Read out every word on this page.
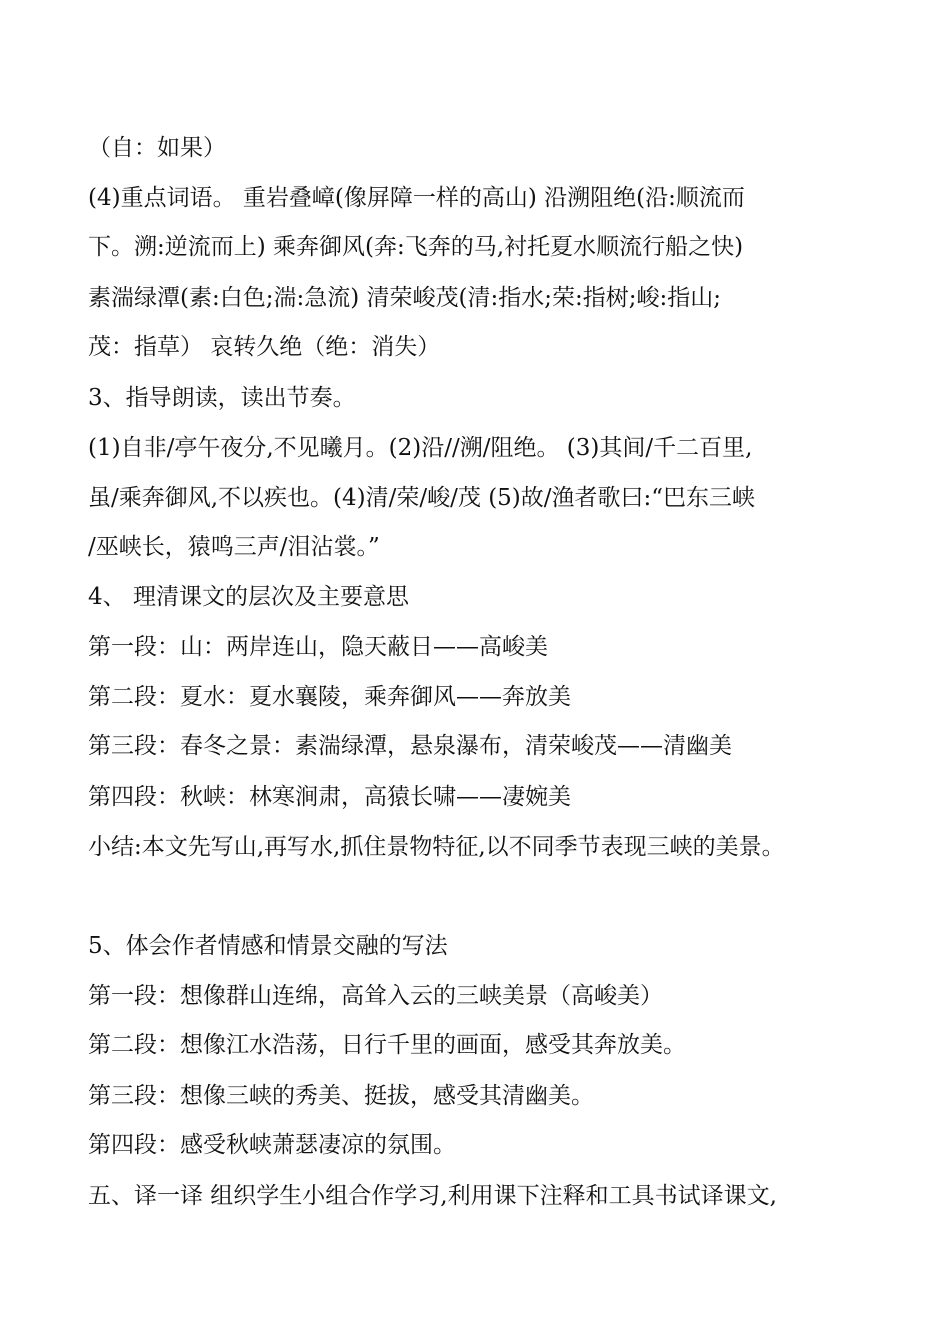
（自：如果）
(4)重点词语。 重岩叠嶂(像屏障一样的高山) 沿溯阻绝(沿:顺流而
下。溯:逆流而上) 乘奔御风(奔:飞奔的马,衬托夏水顺流行船之快)
素湍绿潭(素:白色;湍:急流) 清荣峻茂(清:指水;荣:指树;峻:指山;
茂：指草） 哀转久绝（绝：消失）
3、指导朗读，读出节奏。
(1)自非/亭午夜分,不见曦月。(2)沿//溯/阻绝。 (3)其间/千二百里,
虽/乘奔御风,不以疾也。(4)清/荣/峻/茂 (5)故/渔者歌曰:“巴东三峡
/巫峡长，猿鸣三声/泪沾裳。”
4、 理清课文的层次及主要意思
第一段：山：两岸连山，隐天蔽日——高峻美
第二段：夏水：夏水襄陵，乘奔御风——奔放美
第三段：春冬之景：素湍绿潭，悬泉瀑布，清荣峻茂——清幽美
第四段：秋峡：林寒涧肃，高猿长啸——凄婉美
小结:本文先写山,再写水,抓住景物特征,以不同季节表现三峡的美景。
5、体会作者情感和情景交融的写法
第一段：想像群山连绵，高耸入云的三峡美景（高峻美）
第二段：想像江水浩荡，日行千里的画面，感受其奔放美。
第三段：想像三峡的秀美、挺拔，感受其清幽美。
第四段：感受秋峡萧瑟凄凉的氛围。
五、译一译 组织学生小组合作学习,利用课下注释和工具书试译课文,
